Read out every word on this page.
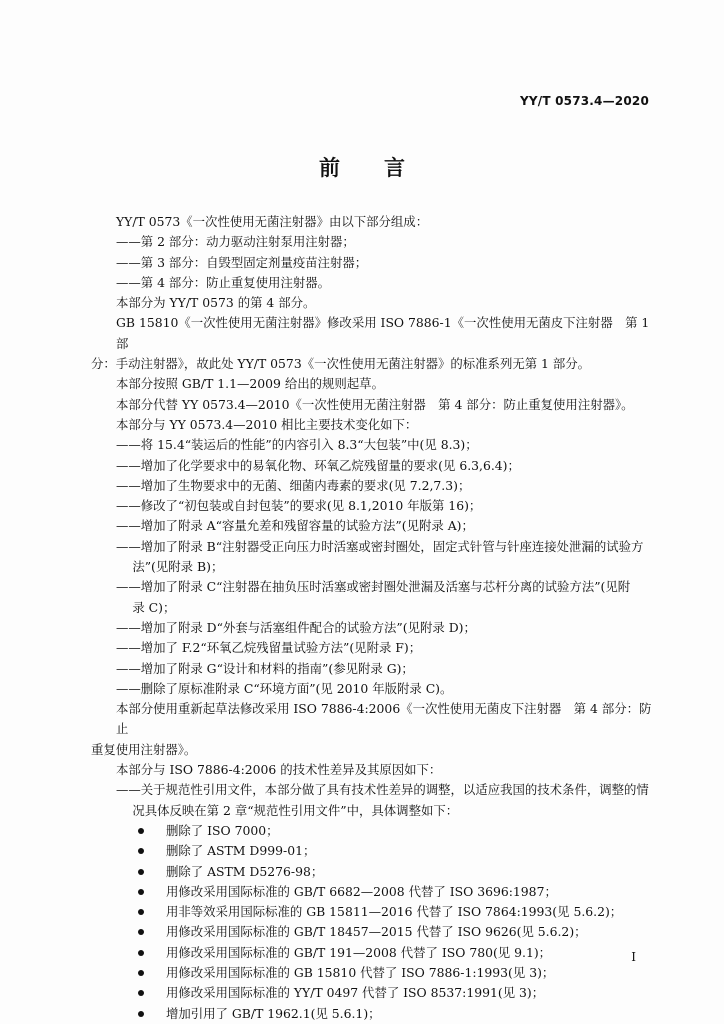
YY/T 0573.4—2020
前言

YY/T 0573《一次性使用无菌注射器》由以下部分组成：

——第 2 部分：动力驱动注射泵用注射器；

——第 3 部分：自毁型固定剂量疫苗注射器；

——第 4 部分：防止重复使用注射器。

本部分为 YY/T 0573 的第 4 部分。

GB 15810《一次性使用无菌注射器》修改采用 ISO 7886-1《一次性使用无菌皮下注射器　第 1 部

分：手动注射器》，故此处 YY/T 0573《一次性使用无菌注射器》的标准系列无第 1 部分。

本部分按照 GB/T 1.1—2009 给出的规则起草。

本部分代替 YY 0573.4—2010《一次性使用无菌注射器　第 4 部分：防止重复使用注射器》。

本部分与 YY 0573.4—2010 相比主要技术变化如下：

——将 15.4“装运后的性能”的内容引入 8.3“大包装”中(见 8.3)；

——增加了化学要求中的易氧化物、环氧乙烷残留量的要求(见 6.3,6.4)；

——增加了生物要求中的无菌、细菌内毒素的要求(见 7.2,7.3)；

——修改了“初包装或自封包装”的要求(见 8.1,2010 年版第 16)；

——增加了附录 A“容量允差和残留容量的试验方法”(见附录 A)；

——增加了附录 B“注射器受正向压力时活塞或密封圈处，固定式针管与针座连接处泄漏的试验方

　 法”(见附录 B)；

——增加了附录 C“注射器在抽负压时活塞或密封圈处泄漏及活塞与芯杆分离的试验方法”(见附

　 录 C)；

——增加了附录 D“外套与活塞组件配合的试验方法”(见附录 D)；

——增加了 F.2“环氧乙烷残留量试验方法”(见附录 F)；

——增加了附录 G“设计和材料的指南”(参见附录 G)；

——删除了原标准附录 C“环境方面”(见 2010 年版附录 C)。

本部分使用重新起草法修改采用 ISO 7886-4:2006《一次性使用无菌皮下注射器　第 4 部分：防止

重复使用注射器》。

本部分与 ISO 7886-4:2006 的技术性差异及其原因如下：

——关于规范性引用文件，本部分做了具有技术性差异的调整，以适应我国的技术条件，调整的情

　 况具体反映在第 2 章“规范性引用文件”中，具体调整如下：

删除了 ISO 7000；
删除了 ASTM D999-01；
删除了 ASTM D5276-98；
用修改采用国际标准的 GB/T 6682—2008 代替了 ISO 3696:1987；
用非等效采用国际标准的 GB 15811—2016 代替了 ISO 7864:1993(见 5.6.2)；
用修改采用国际标准的 GB/T 18457—2015 代替了 ISO 9626(见 5.6.2)；
用修改采用国际标准的 GB/T 191—2008 代替了 ISO 780(见 9.1)；
用修改采用国际标准的 GB 15810 代替了 ISO 7886-1:1993(见 3)；
用修改采用国际标准的 YY/T 0497 代替了 ISO 8537:1991(见 3)；
增加引用了 GB/T 1962.1(见 5.6.1)；
I
